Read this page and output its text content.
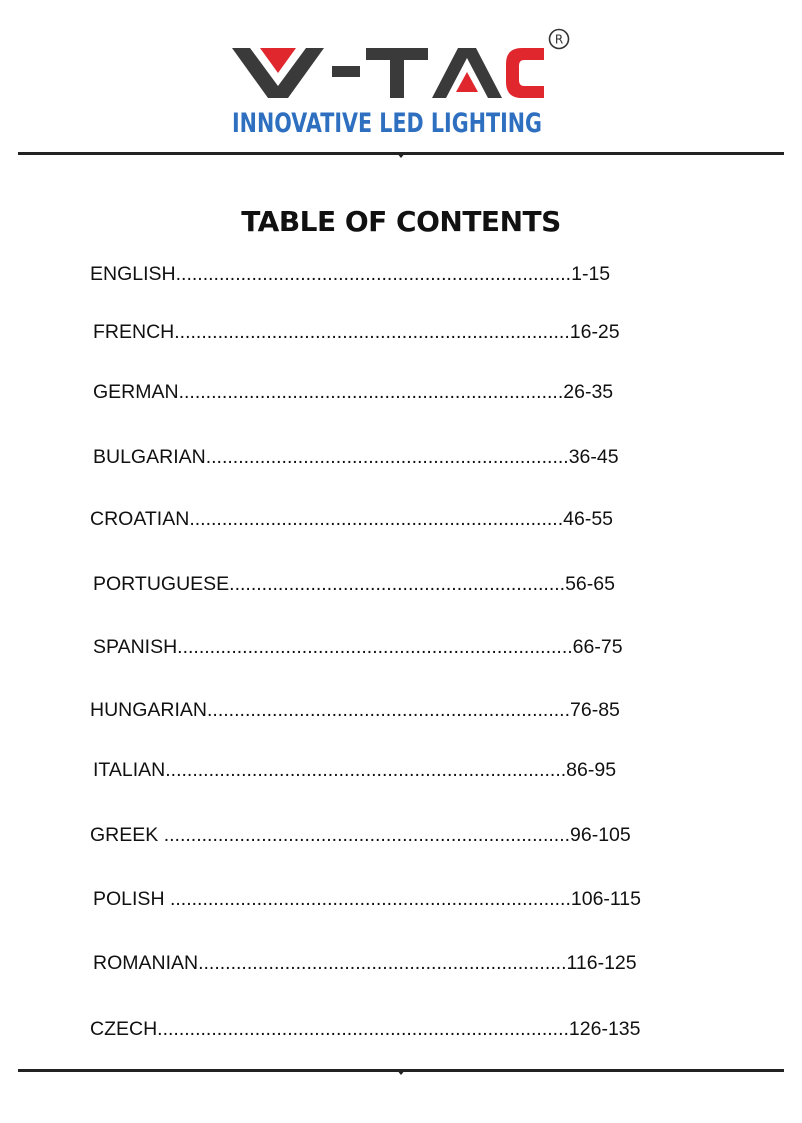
R
INNOVATIVE LED LIGHTING
TABLE OF CONTENTS
ENGLISH.........................................................................1-15
FRENCH.........................................................................16-25
GERMAN.......................................................................26-35
BULGARIAN...................................................................36-45
CROATIAN.....................................................................46-55
PORTUGUESE..............................................................56-65
SPANISH.........................................................................66-75
HUNGARIAN...................................................................76-85
ITALIAN..........................................................................86-95
GREEK ...........................................................................96-105
POLISH ..........................................................................106-115
ROMANIAN....................................................................116-125
CZECH............................................................................126-135
